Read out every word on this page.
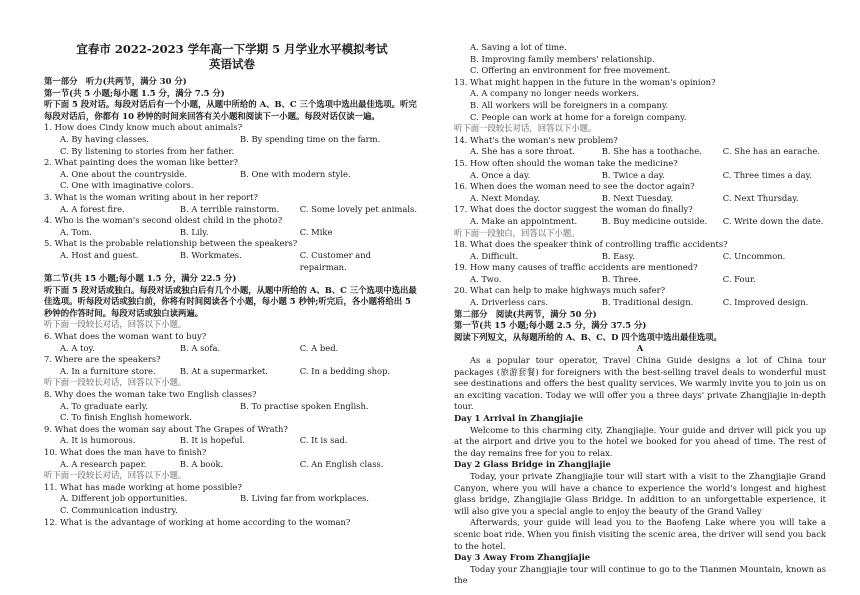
宜春市 2022-2023 学年高一下学期 5 月学业水平模拟考试
英语试卷
第一部分　听力(共两节，满分 30 分)
第一节(共 5 小题;每小题 1.5 分，满分 7.5 分)
听下面 5 段对话。每段对话后有一个小题，从题中所给的 A、B、C 三个选项中选出最佳选项。听完每段对话后，你都有 10 秒钟的时间来回答有关小题和阅读下一小题。每段对话仅读一遍。
1. How does Cindy know much about animals?
A. By having classes.	B. By spending time on the farm.
C. By listening to stories from her father.
2. What painting does the woman like better?
A. One about the countryside.	B. One with modern style.
C. One with imaginative colors.
3. What is the woman writing about in her report?
A. A forest fire.	B. A terrible rainstorm.	C. Some lovely pet animals.
4. Who is the woman's second oldest child in the photo?
A. Tom.	B. Lily.	C. Mike
5. What is the probable relationship between the speakers?
A. Host and guest.	B. Workmates.	C. Customer and repairman.
第二节(共 15 小题;每小题 1.5 分，满分 22.5 分)
听下面 5 段对话或独白。每段对话或独白后有几个小题，从题中所给的 A、B、C 三个选项中选出最佳选项。听每段对话或独白前，你将有时间阅读各个小题，每小题 5 秒钟;听完后，各小题将给出 5 秒钟的作答时间。每段对话或独白读两遍。
听下面一段较长对话，回答以下小题。
6. What does the woman want to buy?
A. A toy.	B. A sofa.	C. A bed.
7. Where are the speakers?
A. In a furniture store.	B. At a supermarket.	C. In a bedding shop.
听下面一段较长对话，回答以下小题。
8. Why does the woman take two English classes?
A. To graduate early.	B. To practise spoken English.
C. To finish English homework.
9. What does the woman say about The Grapes of Wrath?
A. It is humorous.	B. It is hopeful.	C. It is sad.
10. What does the man have to finish?
A. A research paper.	B. A book.	C. An English class.
听下面一段较长对话，回答以下小题。
11. What has made working at home possible?
A. Different job opportunities.	B. Living far from workplaces.
C. Communication industry.
12. What is the advantage of working at home according to the woman?
A. Saving a lot of time.
B. Improving family members' relationship.
C. Offering an environment for free movement.
13. What might happen in the future in the woman's opinion?
A. A company no longer needs workers.
B. All workers will be foreigners in a company.
C. People can work at home for a foreign company.
听下面一段较长对话，回答以下小题。
14. What's the woman's new problem?
A. She has a sore throat.	B. She has a toothache.	C. She has an earache.
15. How often should the woman take the medicine?
A. Once a day.	B. Twice a day.	C. Three times a day.
16. When does the woman need to see the doctor again?
A. Next Monday.	B. Next Tuesday.	C. Next Thursday.
17. What does the doctor suggest the woman do finally?
A. Make an appointment.	B. Buy medicine outside.	C. Write down the date.
听下面一段独白，回答以下小题。
18. What does the speaker think of controlling traffic accidents?
A. Difficult.	B. Easy.	C. Uncommon.
19. How many causes of traffic accidents are mentioned?
A. Two.	B. Three.	C. Four.
20. What can help to make highways much safer?
A. Driverless cars.	B. Traditional design.	C. Improved design.
第二部分　阅读(共两节，满分 50 分)
第一节(共 15 小题;每小题 2.5 分，满分 37.5 分)
阅读下列短文，从每题所给的 A、B、C、D 四个选项中选出最佳选项。
A
As a popular tour operator, Travel China Guide designs a lot of China tour packages (旅游套餐) for foreigners with the best-selling travel deals to wonderful must see destinations and offers the best quality services. We warmly invite you to join us on an exciting vacation. Today we will offer you a three days' private Zhangjiajie in-depth tour.
Day 1 Arrival in Zhangjiajie
Welcome to this charming city, Zhangjiajie. Your guide and driver will pick you up at the airport and drive you to the hotel we booked for you ahead of time. The rest of the day remains free for you to relax.
Day 2 Glass Bridge in Zhangjiajie
Today, your private Zhangjiajie tour will start with a visit to the Zhangjiajie Grand Canyon, where you will have a chance to experience the world's longest and highest glass bridge, Zhangjiajie Glass Bridge. In addition to an unforgettable experience, it will also give you a special angle to enjoy the beauty of the Grand Valley
Afterwards, your guide will lead you to the Baofeng Lake where you will take a scenic boat ride. When you finish visiting the scenic area, the driver will send you back to the hotel.
Day 3 Away From Zhangjiajie
Today your Zhangjiajie tour will continue to go to the Tianmen Mountain, known as the
